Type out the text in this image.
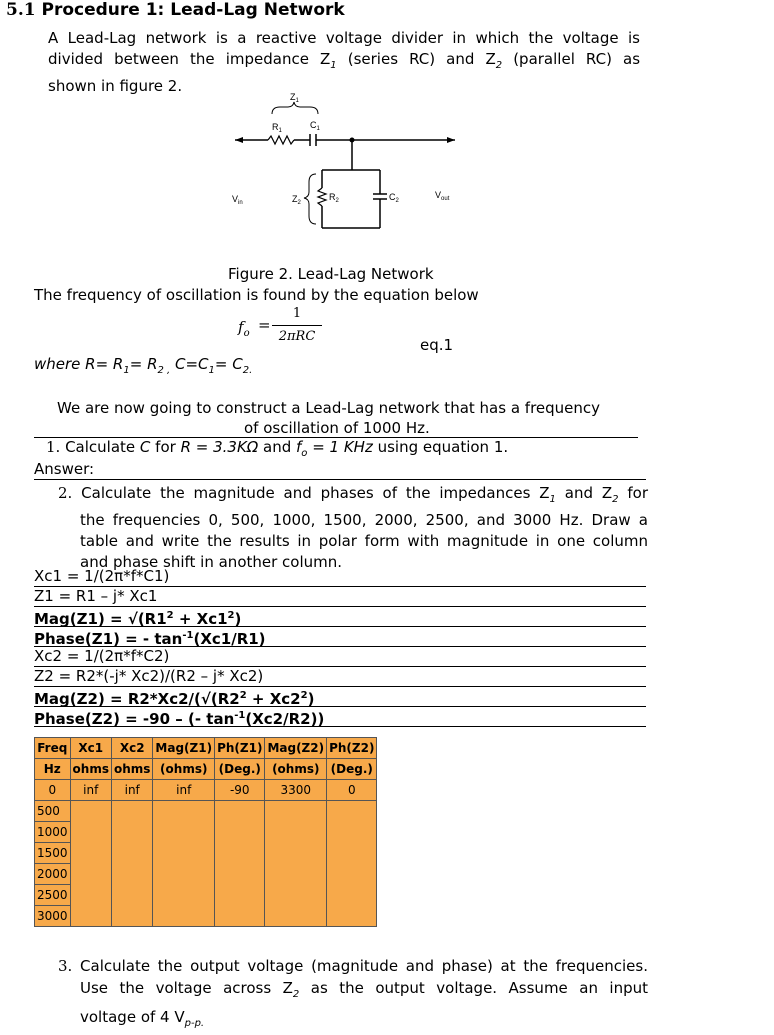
5.1 Procedure 1: Lead-Lag Network
A Lead-Lag network is a reactive voltage divider in which the voltage is
divided between the impedance $Z_1$ (series RC) and $Z_2$ (parallel RC) as
shown in figure 2.
$Z_1$
$R_1$
$C_1$
$Z_2$
$R_2$	$C_2$
$V_{in}$
$V_{out}$
Figure 2. Lead-Lag Network
The frequency of oscillation is found by the equation below
$f_o$ =
1
2πRC	eq.1
where $R= R_1= R_{2 ,}$ $C=C_1= C_{2.}$
We are now going to construct a Lead-Lag network that has a frequency
of oscillation of 1000 Hz.
1. Calculate C for R = 3.3KΩ and $f_o = 1$ KHz using equation 1.
Answer:
2. Calculate the magnitude and phases of the impedances $Z_1$ and $Z_2$ for
the frequencies 0, 500, 1000, 1500, 2000, 2500, and 3000 Hz. Draw a
table and write the results in polar form with magnitude in one column
and phase shift in another column.
Xc1 = 1/(2π*f*C1)
Z1 = R1 – j* Xc1
$Mag(Z1) = √(R1^2 + Xc1^2)$
Phase(Z1) = - $\tan^{-1}(Xc1/R1)$
Xc2 = 1/(2π*f*C2)
Z2 = R2*(-j* Xc2)/(R2 – j* Xc2)
$Mag(Z2) = R2*Xc2/(√(R2^2 + Xc2^2)$
Phase(Z2) = -90 – (- $\tan^{-1}(Xc2/R2)$)
Freq	Xc1	Xc2	Mag(Z1)	Ph(Z1)	Mag(Z2)	Ph(Z2)
Hz	ohms	ohms	(ohms)	(Deg.)	(ohms)	(Deg.)
0	inf	inf	inf	-90	3300	0
500						
1000						
1500						
2000						
2500						
3000						
3. Calculate the output voltage (magnitude and phase) at the frequencies.
Use the voltage across $Z_2$ as the output voltage. Assume an input
voltage of 4 $V_{p-p.}$
